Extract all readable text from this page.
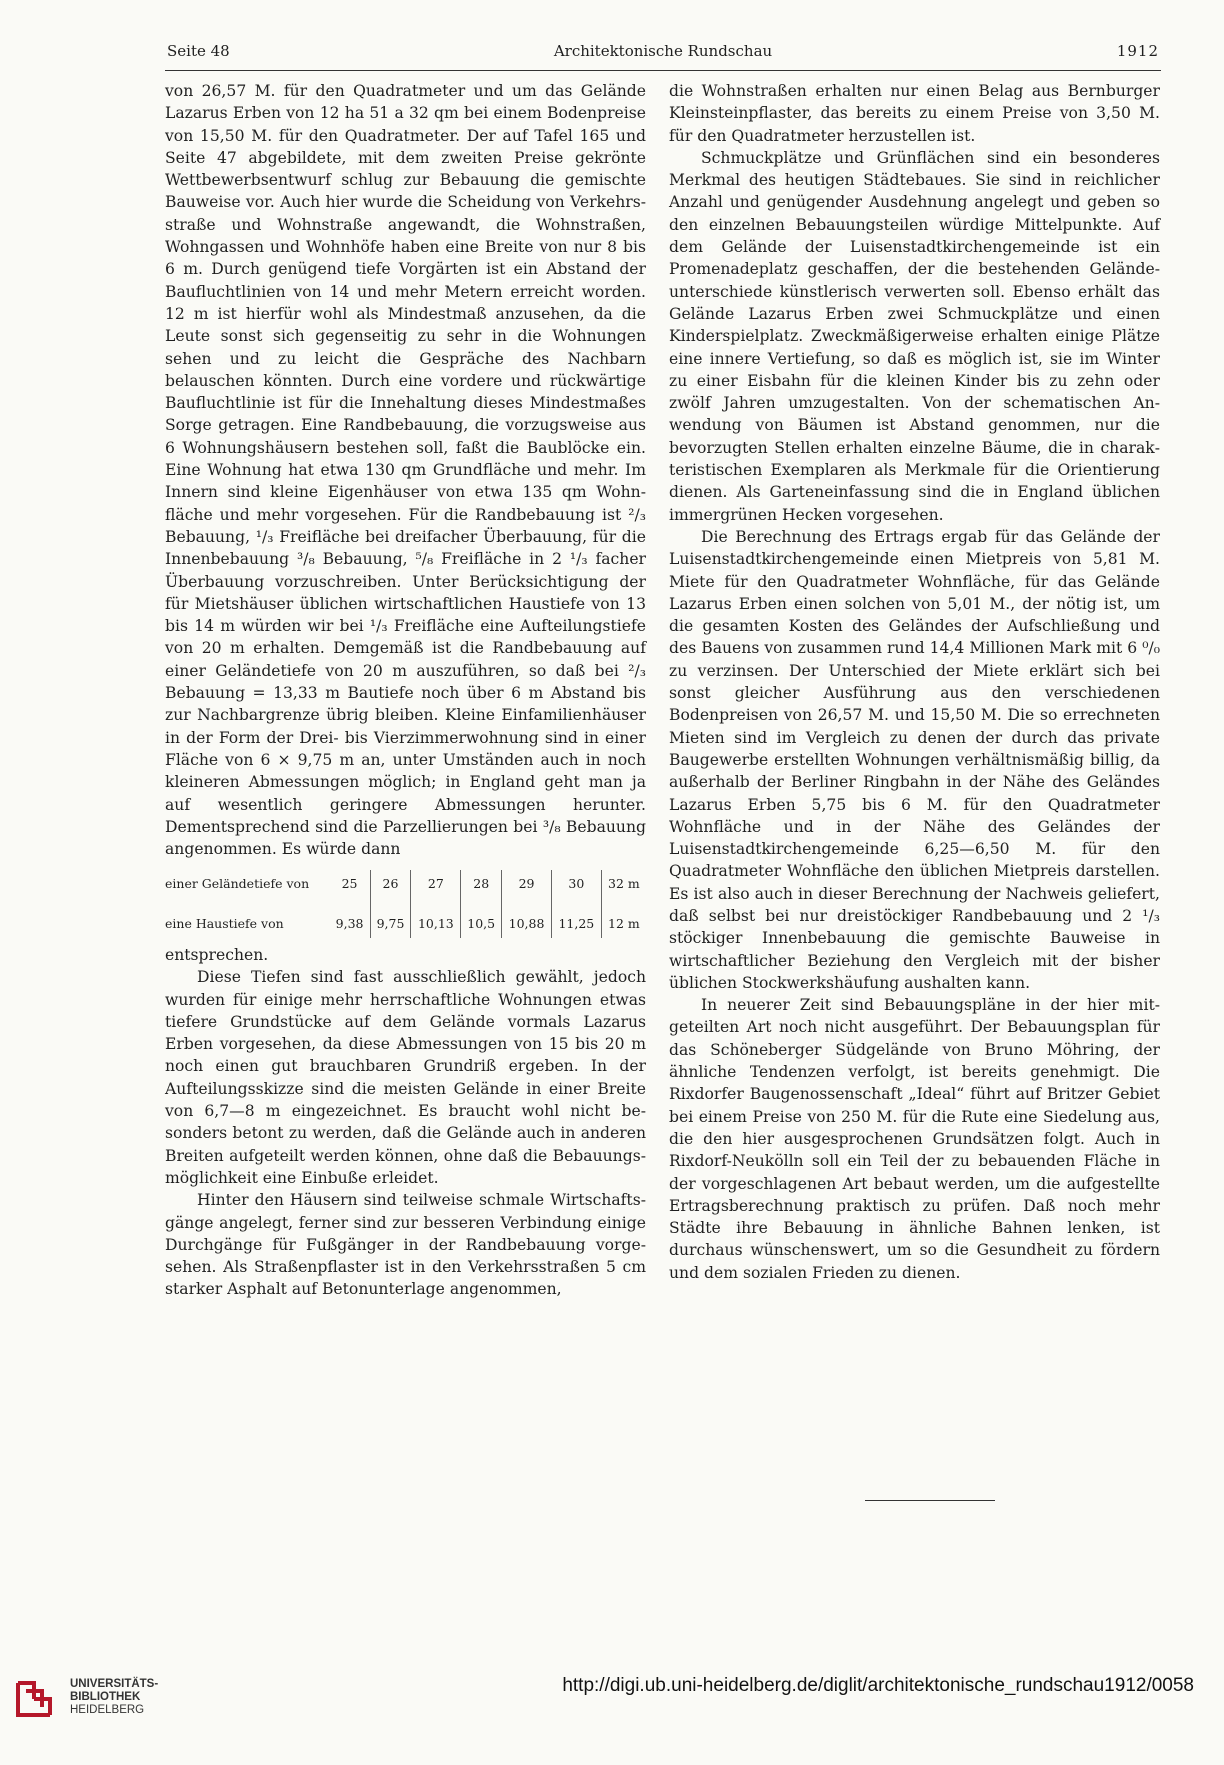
Seite 48	Architektonische Rundschau	1912

von 26,57 M. für den Quadratmeter und um das Gelände Lazarus Erben von 12 ha 51 a 32 qm bei einem Bodenpreise von 15,50 M. für den Quadratmeter. Der auf Tafel 165 und Seite 47 abgebildete, mit dem zweiten Preise gekrönte Wettbewerbsentwurf schlug zur Bebauung die gemischte Bauweise vor. Auch hier wurde die Scheidung von Verkehrsstraße und Wohnstraße angewandt, die Wohnstraßen, Wohngassen und Wohnhöfe haben eine Breite von nur 8 bis 6 m. Durch genügend tiefe Vorgärten ist ein Abstand der Baufluchtlinien von 14 und mehr Metern erreicht worden. 12 m ist hierfür wohl als Mindestmaß anzusehen, da die Leute sonst sich gegenseitig zu sehr in die Wohnungen sehen und zu leicht die Gespräche des Nachbarn belauschen könnten. Durch eine vordere und rückwärtige Baufluchtlinie ist für die Innehaltung dieses Mindestmaßes Sorge getragen. Eine Randbebauung, die vorzugsweise aus 6 Wohnungshäusern bestehen soll, faßt die Baublöcke ein. Eine Wohnung hat etwa 130 qm Grundfläche und mehr. Im Innern sind kleine Eigenhäuser von etwa 135 qm Wohnfläche und mehr vorgesehen. Für die Randbebauung ist ²/₃ Bebauung, ¹/₃ Freifläche bei dreifacher Überbauung, für die Innenbebauung ³/₈ Bebauung, ⁵/₈ Freifläche in 2 ¹/₃ facher Überbauung vorzuschreiben. Unter Berücksichtigung der für Mietshäuser üblichen wirtschaftlichen Haustiefe von 13 bis 14 m würden wir bei ¹/₃ Freifläche eine Aufteilungstiefe von 20 m erhalten. Demgemäß ist die Randbebauung auf einer Geländetiefe von 20 m auszuführen, so daß bei ²/₃ Bebauung = 13,33 m Bautiefe noch über 6 m Abstand bis zur Nachbargrenze übrig bleiben. Kleine Einfamilienhäuser in der Form der Drei- bis Vierzimmerwohnung sind in einer Fläche von 6 × 9,75 m an, unter Umständen auch in noch kleineren Abmessungen möglich; in England geht man ja auf wesentlich geringere Abmessungen herunter. Dementsprechend sind die Parzellierungen bei ³/₈ Bebauung angenommen. Es würde dann

einer Geländetiefe von	25	26	27	28	29	30	32 m
eine Haustiefe von	9,38	9,75	10,13	10,5	10,88	11,25	12 m

entsprechen.

Diese Tiefen sind fast ausschließlich gewählt, jedoch wurden für einige mehr herrschaftliche Wohnungen etwas tiefere Grundstücke auf dem Gelände vormals Lazarus Erben vorgesehen, da diese Abmessungen von 15 bis 20 m noch einen gut brauchbaren Grundriß ergeben. In der Aufteilungsskizze sind die meisten Gelände in einer Breite von 6,7—8 m eingezeichnet. Es braucht wohl nicht besonders betont zu werden, daß die Gelände auch in anderen Breiten aufgeteilt werden können, ohne daß die Bebauungsmöglichkeit eine Einbuße erleidet.

Hinter den Häusern sind teilweise schmale Wirtschaftsgänge angelegt, ferner sind zur besseren Verbindung einige Durchgänge für Fußgänger in der Randbebauung vorgesehen. Als Straßenpflaster ist in den Verkehrsstraßen 5 cm starker Asphalt auf Betonunterlage angenommen,

die Wohnstraßen erhalten nur einen Belag aus Bernburger Kleinsteinpflaster, das bereits zu einem Preise von 3,50 M. für den Quadratmeter herzustellen ist.

Schmuckplätze und Grünflächen sind ein besonderes Merkmal des heutigen Städtebaues. Sie sind in reichlicher Anzahl und genügender Ausdehnung angelegt und geben so den einzelnen Bebauungsteilen würdige Mittelpunkte. Auf dem Gelände der Luisenstadtkirchengemeinde ist ein Promenadeplatz geschaffen, der die bestehenden Geländeunterschiede künstlerisch verwerten soll. Ebenso erhält das Gelände Lazarus Erben zwei Schmuckplätze und einen Kinderspielplatz. Zweckmäßigerweise erhalten einige Plätze eine innere Vertiefung, so daß es möglich ist, sie im Winter zu einer Eisbahn für die kleinen Kinder bis zu zehn oder zwölf Jahren umzugestalten. Von der schematischen Anwendung von Bäumen ist Abstand genommen, nur die bevorzugten Stellen erhalten einzelne Bäume, die in charakteristischen Exemplaren als Merkmale für die Orientierung dienen. Als Garteneinfassung sind die in England üblichen immergrünen Hecken vorgesehen.

Die Berechnung des Ertrags ergab für das Gelände der Luisenstadtkirchengemeinde einen Mietpreis von 5,81 M. Miete für den Quadratmeter Wohnfläche, für das Gelände Lazarus Erben einen solchen von 5,01 M., der nötig ist, um die gesamten Kosten des Geländes der Aufschließung und des Bauens von zusammen rund 14,4 Millionen Mark mit 6 ⁰/₀ zu verzinsen. Der Unterschied der Miete erklärt sich bei sonst gleicher Ausführung aus den verschiedenen Bodenpreisen von 26,57 M. und 15,50 M. Die so errechneten Mieten sind im Vergleich zu denen der durch das private Baugewerbe erstellten Wohnungen verhältnismäßig billig, da außerhalb der Berliner Ringbahn in der Nähe des Geländes Lazarus Erben 5,75 bis 6 M. für den Quadratmeter Wohnfläche und in der Nähe des Geländes der Luisenstadtkirchengemeinde 6,25—6,50 M. für den Quadratmeter Wohnfläche den üblichen Mietpreis darstellen. Es ist also auch in dieser Berechnung der Nachweis geliefert, daß selbst bei nur dreistöckiger Randbebauung und 2 ¹/₃ stöckiger Innenbebauung die gemischte Bauweise in wirtschaftlicher Beziehung den Vergleich mit der bisher üblichen Stockwerkshäufung aushalten kann.

In neuerer Zeit sind Bebauungspläne in der hier mitgeteilten Art noch nicht ausgeführt. Der Bebauungsplan für das Schöneberger Südgelände von Bruno Möhring, der ähnliche Tendenzen verfolgt, ist bereits genehmigt. Die Rixdorfer Baugenossenschaft „Ideal“ führt auf Britzer Gebiet bei einem Preise von 250 M. für die Rute eine Siedelung aus, die den hier ausgesprochenen Grundsätzen folgt. Auch in Rixdorf-Neukölln soll ein Teil der zu bebauenden Fläche in der vorgeschlagenen Art bebaut werden, um die aufgestellte Ertragsberechnung praktisch zu prüfen. Daß noch mehr Städte ihre Bebauung in ähnliche Bahnen lenken, ist durchaus wünschenswert, um so die Gesundheit zu fördern und dem sozialen Frieden zu dienen.

UNIVERSITÄTS-
BIBLIOTHEK
HEIDELBERG
http://digi.ub.uni-heidelberg.de/diglit/architektonische_rundschau1912/0058
